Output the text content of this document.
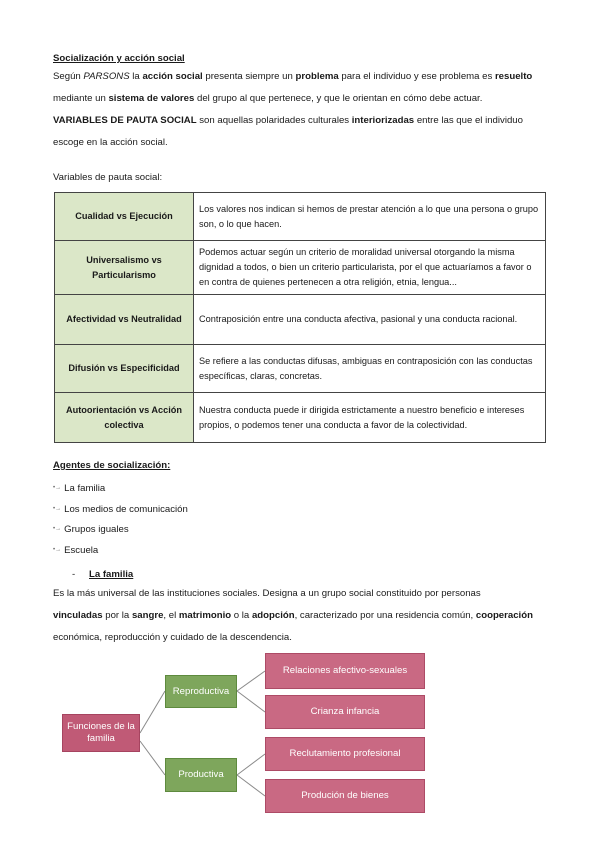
Socialización y acción social
Según PARSONS la acción social presenta siempre un problema para el individuo y ese problema es resuelto
mediante un sistema de valores del grupo al que pertenece, y que le orientan en cómo debe actuar.
VARIABLES DE PAUTA SOCIAL son aquellas polaridades culturales interiorizadas entre las que el individuo
escoge en la acción social.
Variables de pauta social:
Cualidad vs Ejecución	Los valores nos indican si hemos de prestar atención a lo que una persona o grupo son, o lo que hacen.
Universalismo vs Particularismo	Podemos actuar según un criterio de moralidad universal otorgando la misma dignidad a todos, o bien un criterio particularista, por el que actuaríamos a favor o en contra de quienes pertenecen a otra religión, etnia, lengua...
Afectividad vs Neutralidad	Contraposición entre una conducta afectiva, pasional y una conducta racional.
Difusión vs Especificidad	Se refiere a las conductas difusas, ambiguas en contraposición con las conductas específicas, claras, concretas.
Autoorientación vs Acción colectiva	Nuestra conducta puede ir dirigida estrictamente a nuestro beneficio e intereses propios, o podemos tener una conducta a favor de la colectividad.
Agentes de socialización:
•→ La familia
•→ Los medios de comunicación
•→ Grupos iguales
•→ Escuela
- La familia
Es la más universal de las instituciones sociales. Designa a un grupo social constituido por personas
vinculadas por la sangre, el matrimonio o la adopción, caracterizado por una residencia común, cooperación
económica, reproducción y cuidado de la descendencia.
Funciones de la familia
Reproductiva
Productiva
Relaciones afectivo-sexuales
Crianza infancia
Reclutamiento profesional
Produción de bienes
